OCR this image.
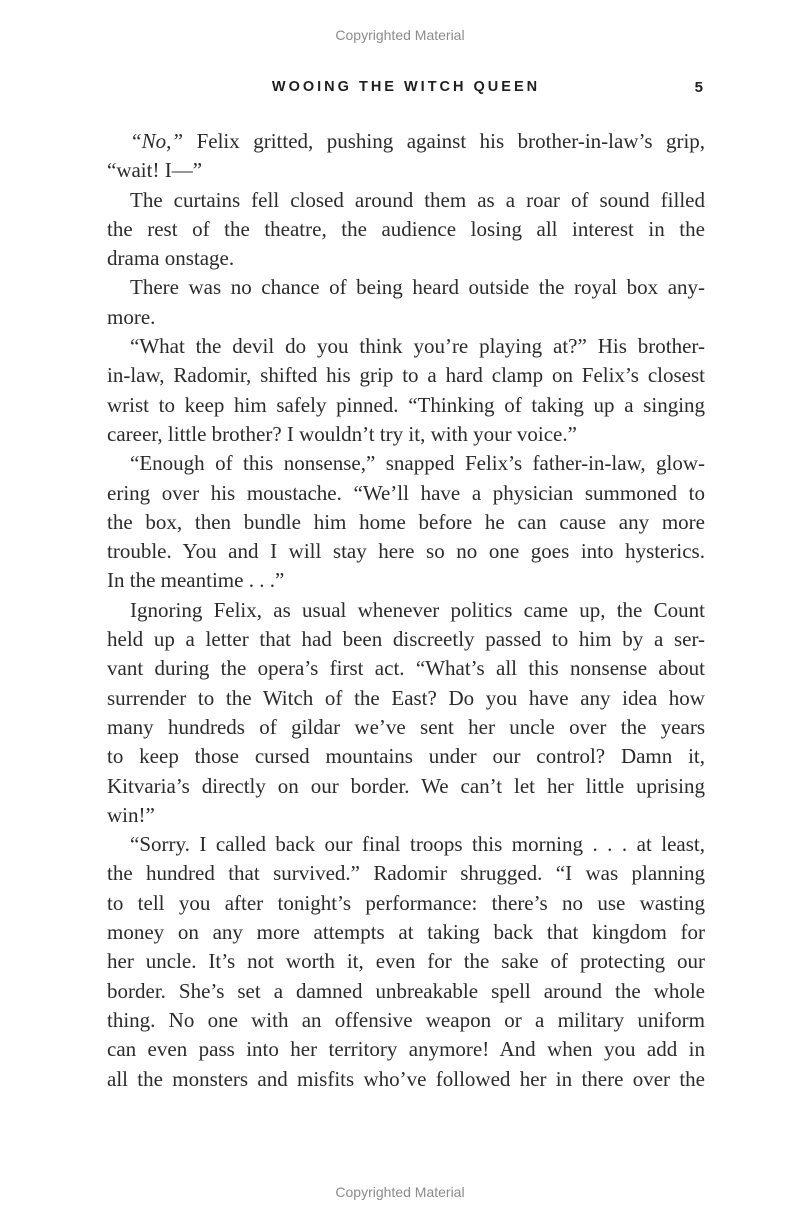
Copyrighted Material
WOOING THE WITCH QUEEN	5
“No,” Felix gritted, pushing against his brother-in-law’s grip,
“wait! I—”
The curtains fell closed around them as a roar of sound filled
the rest of the theatre, the audience losing all interest in the
drama onstage.
There was no chance of being heard outside the royal box any-
more.
“What the devil do you think you’re playing at?” His brother-
in-law, Radomir, shifted his grip to a hard clamp on Felix’s closest
wrist to keep him safely pinned. “Thinking of taking up a singing
career, little brother? I wouldn’t try it, with your voice.”
“Enough of this nonsense,” snapped Felix’s father-in-law, glow-
ering over his moustache. “We’ll have a physician summoned to
the box, then bundle him home before he can cause any more
trouble. You and I will stay here so no one goes into hysterics.
In the meantime . . .”
Ignoring Felix, as usual whenever politics came up, the Count
held up a letter that had been discreetly passed to him by a ser-
vant during the opera’s first act. “What’s all this nonsense about
surrender to the Witch of the East? Do you have any idea how
many hundreds of gildar we’ve sent her uncle over the years
to keep those cursed mountains under our control? Damn it,
Kitvaria’s directly on our border. We can’t let her little uprising
win!”
“Sorry. I called back our final troops this morning . . . at least,
the hundred that survived.” Radomir shrugged. “I was planning
to tell you after tonight’s performance: there’s no use wasting
money on any more attempts at taking back that kingdom for
her uncle. It’s not worth it, even for the sake of protecting our
border. She’s set a damned unbreakable spell around the whole
thing. No one with an offensive weapon or a military uniform
can even pass into her territory anymore! And when you add in
all the monsters and misfits who’ve followed her in there over the
Copyrighted Material
